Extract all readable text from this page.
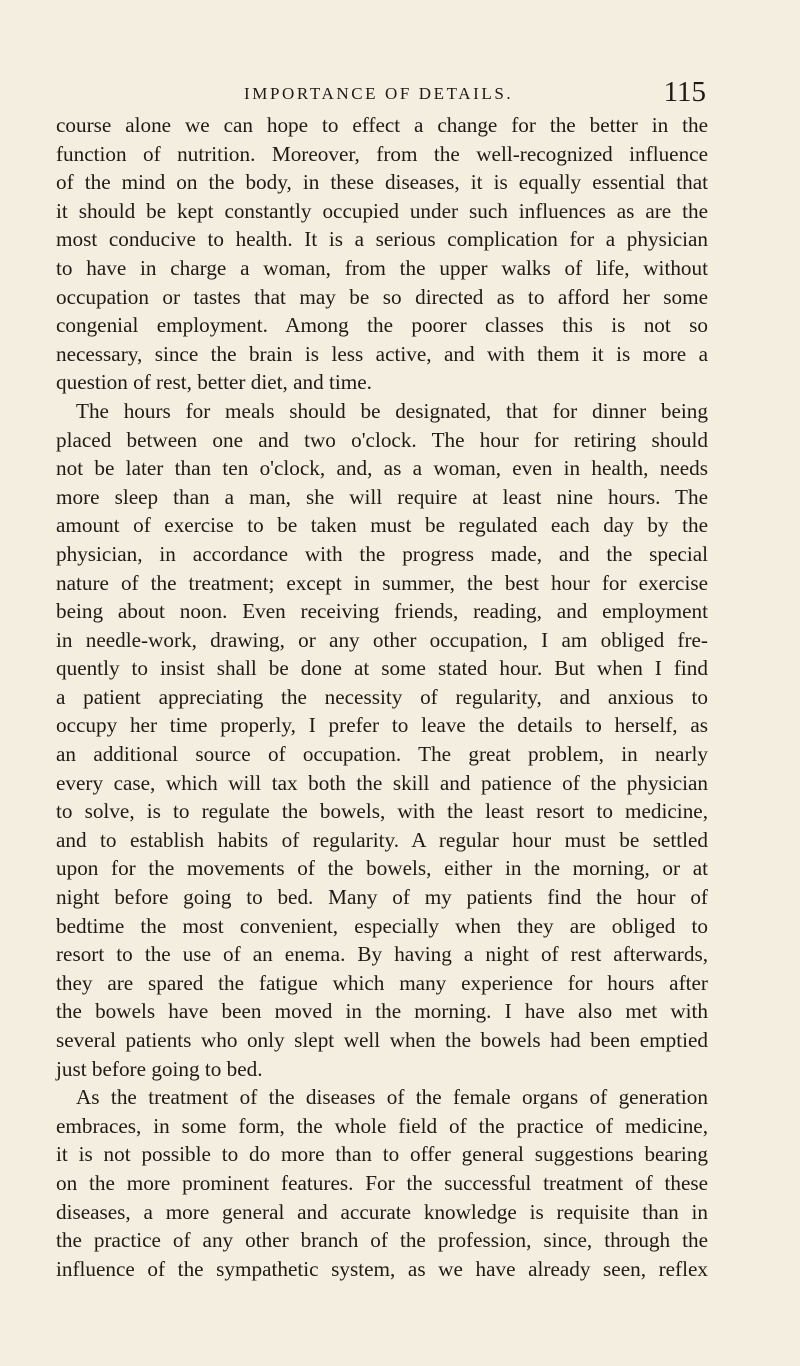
IMPORTANCE OF DETAILS.	115

course alone we can hope to effect a change for the better in the
function of nutrition. Moreover, from the well-recognized influence
of the mind on the body, in these diseases, it is equally essential that
it should be kept constantly occupied under such influences as are the
most conducive to health. It is a serious complication for a physician
to have in charge a woman, from the upper walks of life, without
occupation or tastes that may be so directed as to afford her some
congenial employment. Among the poorer classes this is not so
necessary, since the brain is less active, and with them it is more a
question of rest, better diet, and time.

The hours for meals should be designated, that for dinner being
placed between one and two o'clock. The hour for retiring should
not be later than ten o'clock, and, as a woman, even in health, needs
more sleep than a man, she will require at least nine hours. The
amount of exercise to be taken must be regulated each day by the
physician, in accordance with the progress made, and the special
nature of the treatment; except in summer, the best hour for exercise
being about noon. Even receiving friends, reading, and employment
in needle-work, drawing, or any other occupation, I am obliged fre-
quently to insist shall be done at some stated hour. But when I find
a patient appreciating the necessity of regularity, and anxious to
occupy her time properly, I prefer to leave the details to herself, as
an additional source of occupation. The great problem, in nearly
every case, which will tax both the skill and patience of the physician
to solve, is to regulate the bowels, with the least resort to medicine,
and to establish habits of regularity. A regular hour must be settled
upon for the movements of the bowels, either in the morning, or at
night before going to bed. Many of my patients find the hour of
bedtime the most convenient, especially when they are obliged to
resort to the use of an enema. By having a night of rest afterwards,
they are spared the fatigue which many experience for hours after
the bowels have been moved in the morning. I have also met with
several patients who only slept well when the bowels had been emptied
just before going to bed.

As the treatment of the diseases of the female organs of generation
embraces, in some form, the whole field of the practice of medicine,
it is not possible to do more than to offer general suggestions bearing
on the more prominent features. For the successful treatment of these
diseases, a more general and accurate knowledge is requisite than in
the practice of any other branch of the profession, since, through the
influence of the sympathetic system, as we have already seen, reflex
